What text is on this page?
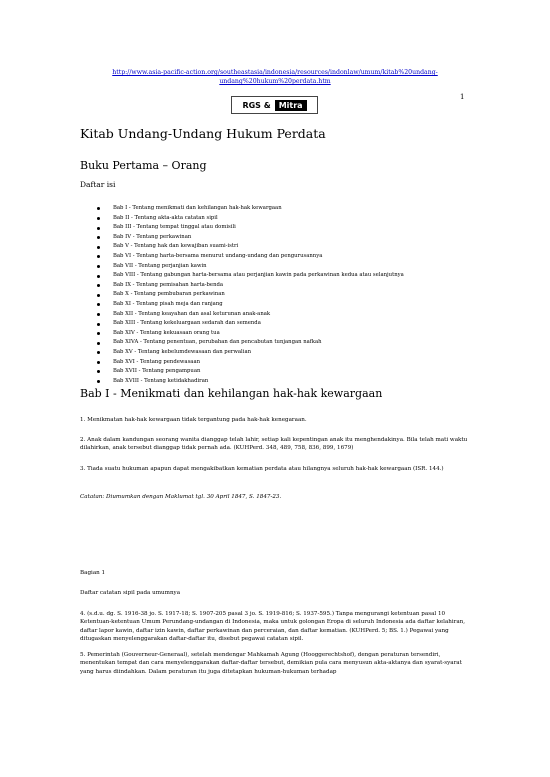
http://www.asia-pacific-action.org/southeastasia/indonesia/resources/indonlaw/umum/kitab%20undang-
undang%20hukum%20perdata.htm
1
RGS &	Mitra
Kitab Undang-Undang Hukum Perdata
Buku Pertama – Orang
Daftar isi
Bab I - Tentang menikmati dan kehilangan hak-hak kewargaan
Bab II - Tentang akta-akta catatan sipil
Bab III - Tentang tempat tinggal atau domisili
Bab IV - Tentang perkawinan
Bab V - Tentang hak dan kewajiban suami-istri
Bab VI - Tentang harta-bersama menurut undang-undang dan pengurusannya
Bab VII - Tentang perjanjian kawin
Bab VIII - Tentang gabungan harta-bersama atau perjanjian kawin pada perkawinan kedua atau selanjutnya
Bab IX - Tentang pemisahan harta-benda
Bab X - Tentang pembubaran perkawinan
Bab XI - Tentang pisah meja dan ranjang
Bab XII - Tentang keayahan dan asal keturunan anak-anak
Bab XIII - Tentang kekeluargaan sedarah dan semenda
Bab XIV - Tentang kekuasaan orang tua
Bab XIVA - Tentang penentuan, perubahan dan pencabutan tunjangan nafkah
Bab XV - Tentang kebelumdewasaan dan perwalian
Bab XVI - Tentang pendewasaan
Bab XVII - Tentang pengampuan
Bab XVIII - Tentang ketidakhadiran
Bab I - Menikmati dan kehilangan hak-hak kewargaan
1. Menikmatan hak-hak kewargaan tidak tergantung pada hak-hak kenegaraan.
2. Anak dalam kandungan seorang wanita dianggap telah lahir, setiap kali kepentingan anak itu menghendakinya. Bila telah mati waktu dilahirkan, anak tersebut dianggap tidak pernah ada. (KUHPerd. 348, 489, 758, 836, 899, 1679)
3. Tiada suatu hukuman apapun dapat mengakibatkan kematian perdata atau hilangnya seluruh hak-hak kewargaan (ISR. 144.)
Catatan: Diumumkan dengan Maklumat tgl. 30 April 1847, S. 1847-23.
Bagian 1
Daftar catatan sipil pada umumnya
4. (s.d.u. dg. S. 1916-38 jo. S. 1917-18; S. 1907-205 pasal 3 jo. S. 1919-816; S. 1937-595.) Tanpa mengurangi ketentuan pasal 10 Ketentuan-ketentuan Umum Perundang-undangan di Indonesia, maka untuk golongan Eropa di seluruh Indonesia ada daftar kelahiran, daftar lapor kawin, daftar izin kawin, daftar perkawinan dan perceraian, dan daftar kematian. (KUHPerd. 5; BS. 1.) Pegawai yang ditugaskan menyelenggarakan daftar-daftar itu, disebut pegawai catatan sipil.
5. Pemerintah (Gouverneur-Generaal), setelah mendengar Mahkamah Agung (Hooggerechtshof), dengan peraturan tersendiri, menentukan tempat dan cara menyelenggarakan daftar-daftar tersebut, demikian pula cara menyusun akta-aktanya dan syarat-syarat yang harus diindahkan. Dalam peraturan itu juga ditetapkan hukuman-hukuman terhadap
